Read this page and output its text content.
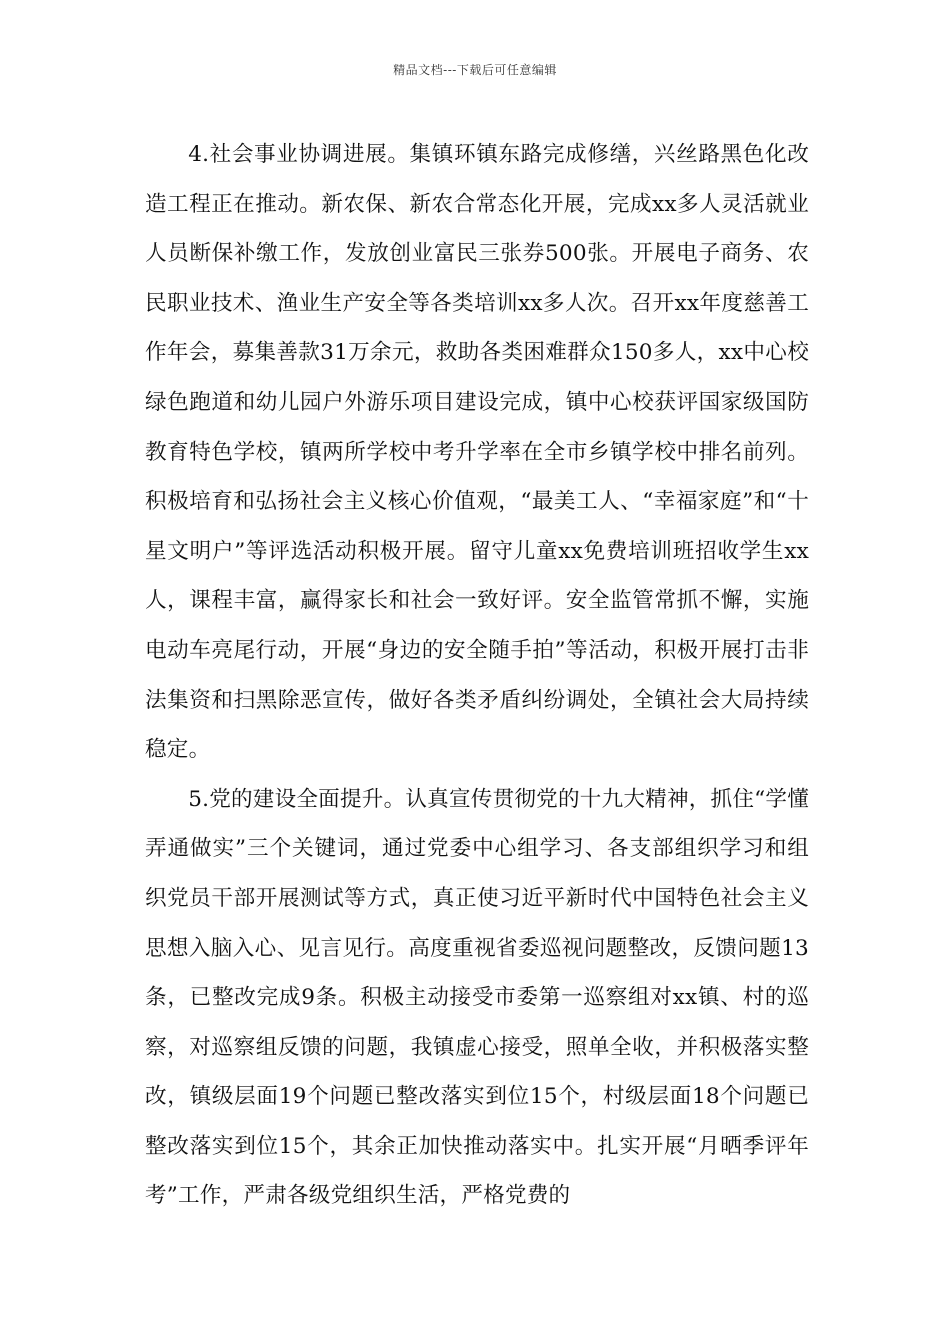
精品文档---下载后可任意编辑

4.社会事业协调进展。集镇环镇东路完成修缮，兴丝路黑色化改造工程正在推动。新农保、新农合常态化开展，完成xx多人灵活就业人员断保补缴工作，发放创业富民三张券500张。开展电子商务、农民职业技术、渔业生产安全等各类培训xx多人次。召开xx年度慈善工作年会，募集善款31万余元，救助各类困难群众150多人，xx中心校绿色跑道和幼儿园户外游乐项目建设完成，镇中心校获评国家级国防教育特色学校，镇两所学校中考升学率在全市乡镇学校中排名前列。积极培育和弘扬社会主义核心价值观，“最美工人、“幸福家庭”和“十星文明户”等评选活动积极开展。留守儿童xx免费培训班招收学生xx人，课程丰富，赢得家长和社会一致好评。安全监管常抓不懈，实施电动车亮尾行动，开展“身边的安全随手拍”等活动，积极开展打击非法集资和扫黑除恶宣传，做好各类矛盾纠纷调处，全镇社会大局持续稳定。

5.党的建设全面提升。认真宣传贯彻党的十九大精神，抓住“学懂弄通做实”三个关键词，通过党委中心组学习、各支部组织学习和组织党员干部开展测试等方式，真正使习近平新时代中国特色社会主义思想入脑入心、见言见行。高度重视省委巡视问题整改，反馈问题13条，已整改完成9条。积极主动接受市委第一巡察组对xx镇、村的巡察，对巡察组反馈的问题，我镇虚心接受，照单全收，并积极落实整改，镇级层面19个问题已整改落实到位15个，村级层面18个问题已整改落实到位15个，其余正加快推动落实中。扎实开展“月晒季评年考”工作，严肃各级党组织生活，严格党费的
